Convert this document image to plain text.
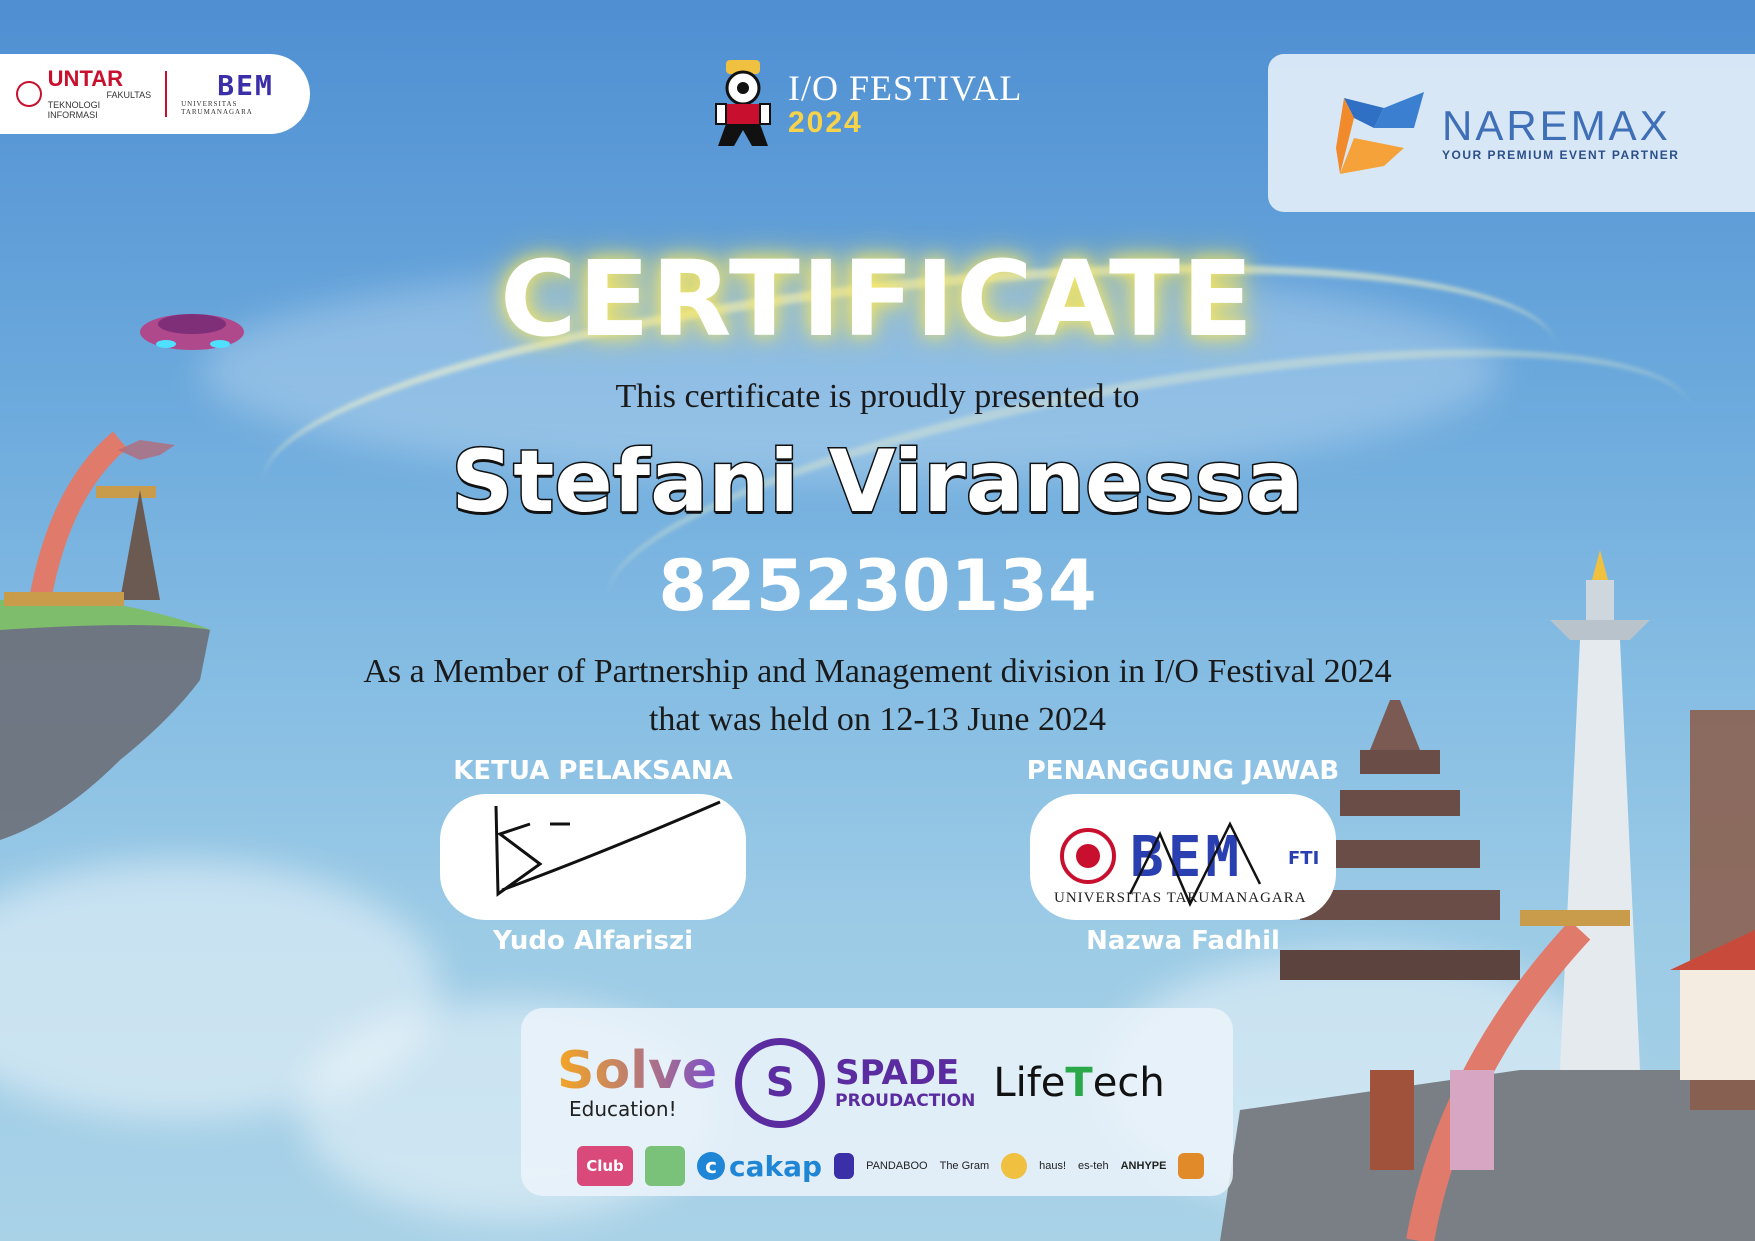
UNTAR
FAKULTAS
TEKNOLOGI INFORMASI
BEM
UNIVERSITAS TARUMANAGARA
I/O FESTIVAL
2024	NAREMAX
YOUR PREMIUM EVENT PARTNER
CERTIFICATE
This certificate is proudly presented to
Stefani Viranessa
825230134
As a Member of Partnership and Management division in I/O Festival 2024
that was held on 12-13 June 2024
KETUA PELAKSANA
Yudo Alfariszi
PENANGGUNG JAWAB
BEM FTI
UNIVERSITAS TARUMANAGARA
Nazwa Fadhil
Solve
Education!
S	SPADE
PROUDACTION LifeTech
Club	c cakap	PANDABOO The Gram	haus! es-teh ANHYPE
